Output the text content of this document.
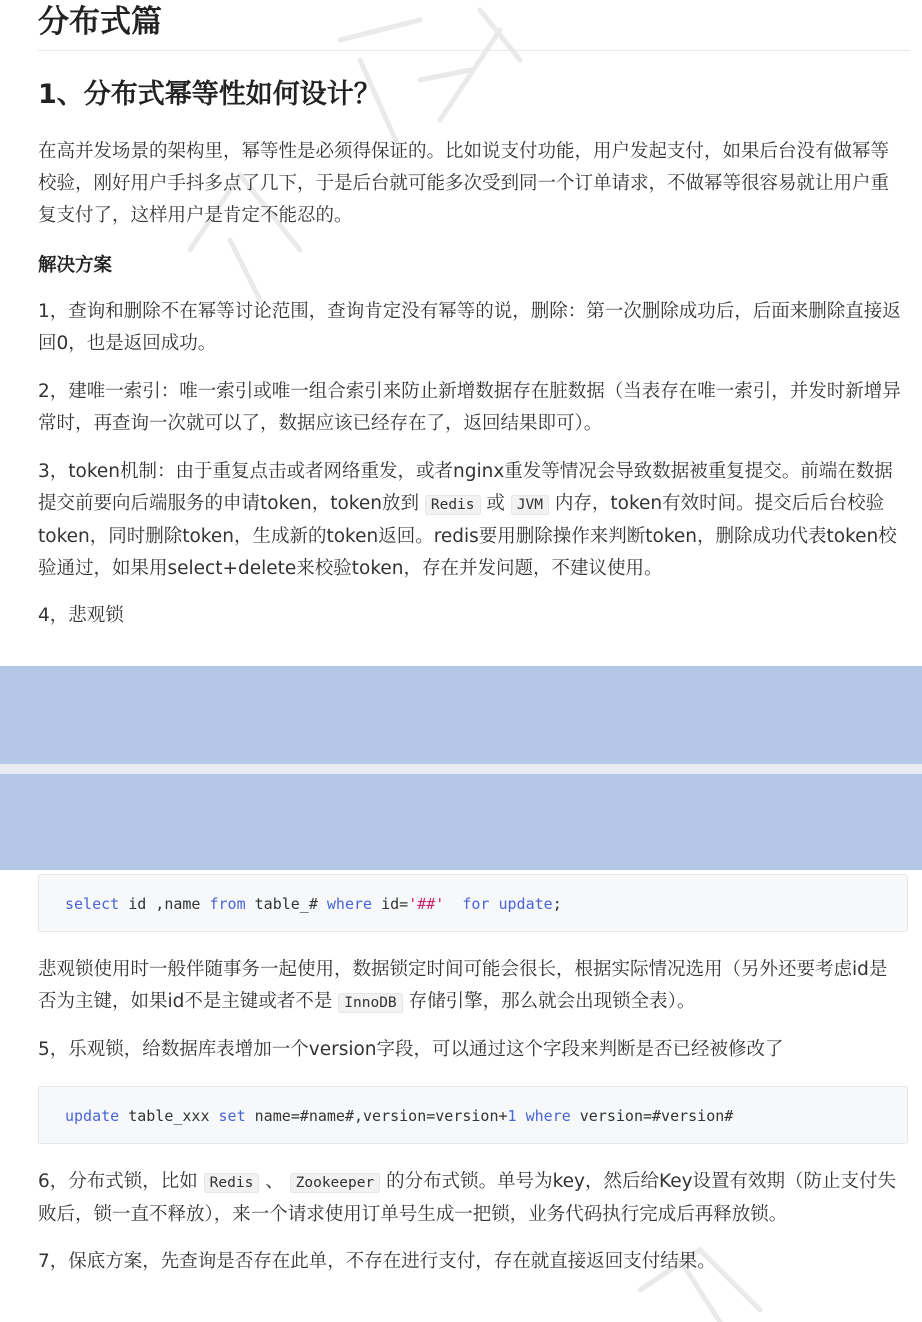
分布式篇
1、分布式幂等性如何设计？

在高并发场景的架构里，幂等性是必须得保证的。比如说支付功能，用户发起支付，如果后台没有做幂等校验，刚好用户手抖多点了几下，于是后台就可能多次受到同一个订单请求，不做幂等很容易就让用户重复支付了，这样用户是肯定不能忍的。

解决方案

1，查询和删除不在幂等讨论范围，查询肯定没有幂等的说，删除：第一次删除成功后，后面来删除直接返回0，也是返回成功。

2，建唯一索引：唯一索引或唯一组合索引来防止新增数据存在脏数据（当表存在唯一索引，并发时新增异常时，再查询一次就可以了，数据应该已经存在了，返回结果即可）。

3，token机制：由于重复点击或者网络重发，或者nginx重发等情况会导致数据被重复提交。前端在数据提交前要向后端服务的申请token，token放到 Redis 或 JVM 内存，token有效时间。提交后后台校验token，同时删除token，生成新的token返回。redis要用删除操作来判断token，删除成功代表token校验通过，如果用select+delete来校验token，存在并发问题，不建议使用。

4，悲观锁

select id ,name from table_# where id='##' for update;

悲观锁使用时一般伴随事务一起使用，数据锁定时间可能会很长，根据实际情况选用（另外还要考虑id是否为主键，如果id不是主键或者不是 InnoDB 存储引擎，那么就会出现锁全表）。

5，乐观锁，给数据库表增加一个version字段，可以通过这个字段来判断是否已经被修改了

update table_xxx set name=#name#,version=version+1 where version=#version#

6，分布式锁，比如 Redis 、 Zookeeper 的分布式锁。单号为key，然后给Key设置有效期（防止支付失败后，锁一直不释放），来一个请求使用订单号生成一把锁，业务代码执行完成后再释放锁。

7，保底方案，先查询是否存在此单，不存在进行支付，存在就直接返回支付结果。
